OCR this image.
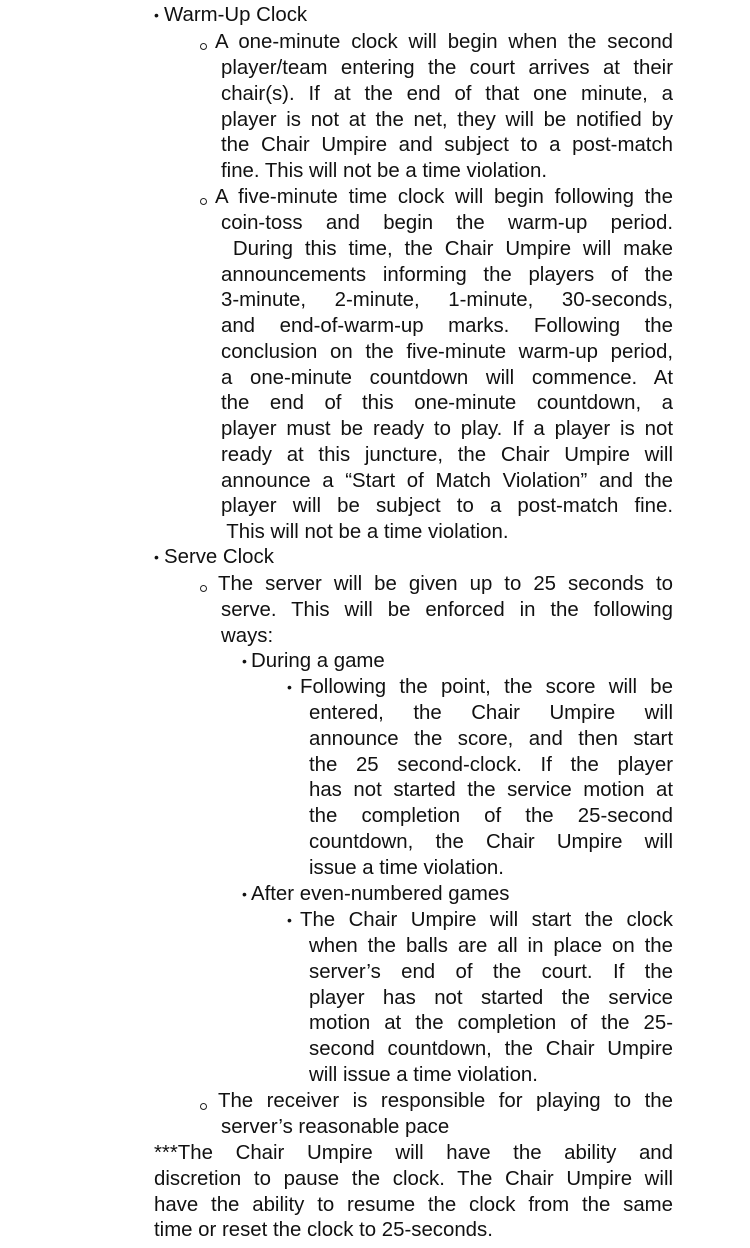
• Warm-Up Clock
A one-minute clock will begin when the second
player/team entering the court arrives at their
chair(s). If at the end of that one minute, a
player is not at the net, they will be notified by
the Chair Umpire and subject to a post-match
fine. This will not be a time violation.
A five-minute time clock will begin following the
coin-toss and begin the warm-up period.
During this time, the Chair Umpire will make
announcements informing the players of the
3-minute, 2-minute, 1-minute, 30-seconds,
and end-of-warm-up marks. Following the
conclusion on the five-minute warm-up period,
a one-minute countdown will commence. At
the end of this one-minute countdown, a
player must be ready to play. If a player is not
ready at this juncture, the Chair Umpire will
announce a “Start of Match Violation” and the
player will be subject to a post-match fine.
This will not be a time violation.
• Serve Clock
The server will be given up to 25 seconds to
serve. This will be enforced in the following
ways:
• During a game
• Following the point, the score will be
entered, the Chair Umpire will
announce the score, and then start
the 25 second-clock. If the player
has not started the service motion at
the completion of the 25-second
countdown, the Chair Umpire will
issue a time violation.
• After even-numbered games
• The Chair Umpire will start the clock
when the balls are all in place on the
server’s end of the court. If the
player has not started the service
motion at the completion of the 25-
second countdown, the Chair Umpire
will issue a time violation.
The receiver is responsible for playing to the
server’s reasonable pace
***The Chair Umpire will have the ability and
discretion to pause the clock. The Chair Umpire will
have the ability to resume the clock from the same
time or reset the clock to 25-seconds.
